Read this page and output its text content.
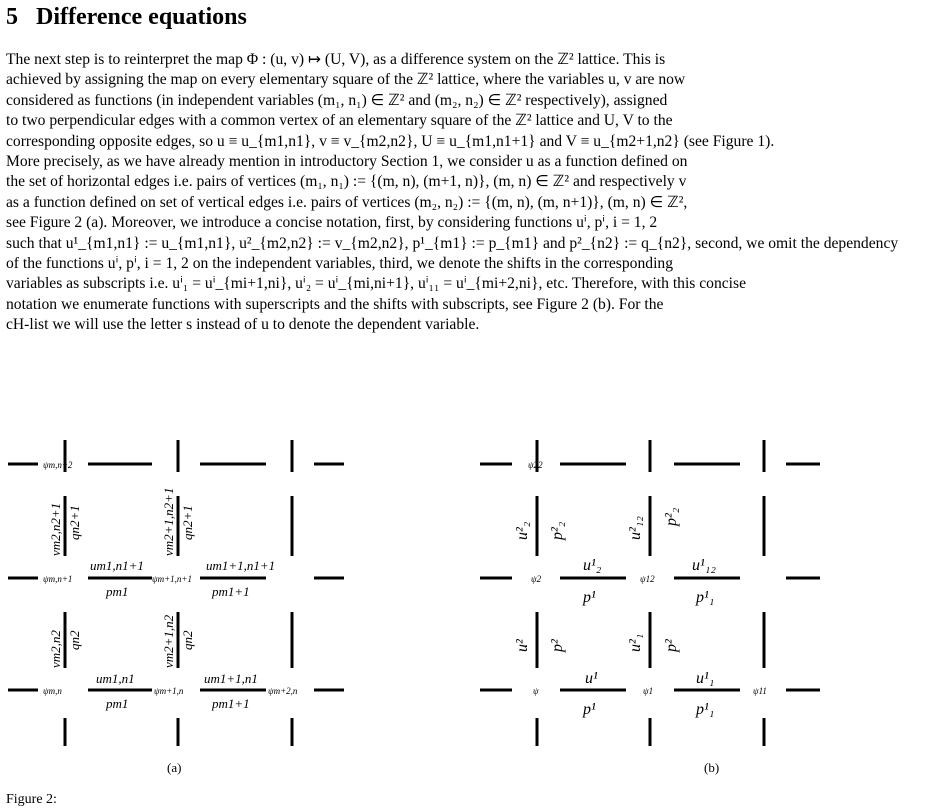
5 Difference equations
The next step is to reinterpret the map Φ : (u, v) ↦ (U, V), as a difference system on the ℤ² lattice. This is
achieved by assigning the map on every elementary square of the ℤ² lattice, where the variables u, v are now
considered as functions (in independent variables (m₁, n₁) ∈ ℤ² and (m₂, n₂) ∈ ℤ² respectively), assigned
to two perpendicular edges with a common vertex of an elementary square of the ℤ² lattice and U, V to the
corresponding opposite edges, so u ≡ u_{m1,n1}, v ≡ v_{m2,n2}, U ≡ u_{m1,n1+1} and V ≡ u_{m2+1,n2} (see Figure 1).
More precisely, as we have already mention in introductory Section 1, we consider u as a function defined on
the set of horizontal edges i.e. pairs of vertices (m₁, n₁) := {(m, n), (m+1, n)}, (m, n) ∈ ℤ² and respectively v
as a function defined on set of vertical edges i.e. pairs of vertices (m₂, n₂) := {(m, n), (m, n+1)}, (m, n) ∈ ℤ²,
see Figure 2 (a). Moreover, we introduce a concise notation, first, by considering functions uⁱ, pⁱ, i = 1, 2
such that u¹_{m1,n1} := u_{m1,n1}, u²_{m2,n2} := v_{m2,n2}, p¹_{m1} := p_{m1} and p²_{n2} := q_{n2}, second, we omit the dependency
of the functions uⁱ, pⁱ, i = 1, 2 on the independent variables, third, we denote the shifts in the corresponding
variables as subscripts i.e. uⁱ₁ = uⁱ_{mi+1,ni}, uⁱ₂ = uⁱ_{mi,ni+1}, uⁱ₁₁ = uⁱ_{mi+2,ni}, etc. Therefore, with this concise
notation we enumerate functions with superscripts and the shifts with subscripts, see Figure 2 (b). For the
cH-list we will use the letter s instead of u to denote the dependent variable.
ψm,n+2
ψm,n+1	ψm+1,n+1
ψm,n	ψm+1,n	ψm+2,n
um1,n1+1
pm1
um1+1,n1+1
pm1+1
um1,n1
pm1
um1+1,n1
pm1+1
vm2,n2+1 qn2+1	vm2+1,n2+1 qn2+1
vm2,n2 qn2	vm2+1,n2 qn2
(a)
ψ22
ψ2	ψ12
ψ	ψ1	ψ11
u¹₂
p¹
u¹₁₂
p¹₁
u¹
p¹
u¹₁
p¹₁
u²₂ p²₂	u²₁₂ p²₂
u² p²	u²₁ p²
(b)
Figure 2:
